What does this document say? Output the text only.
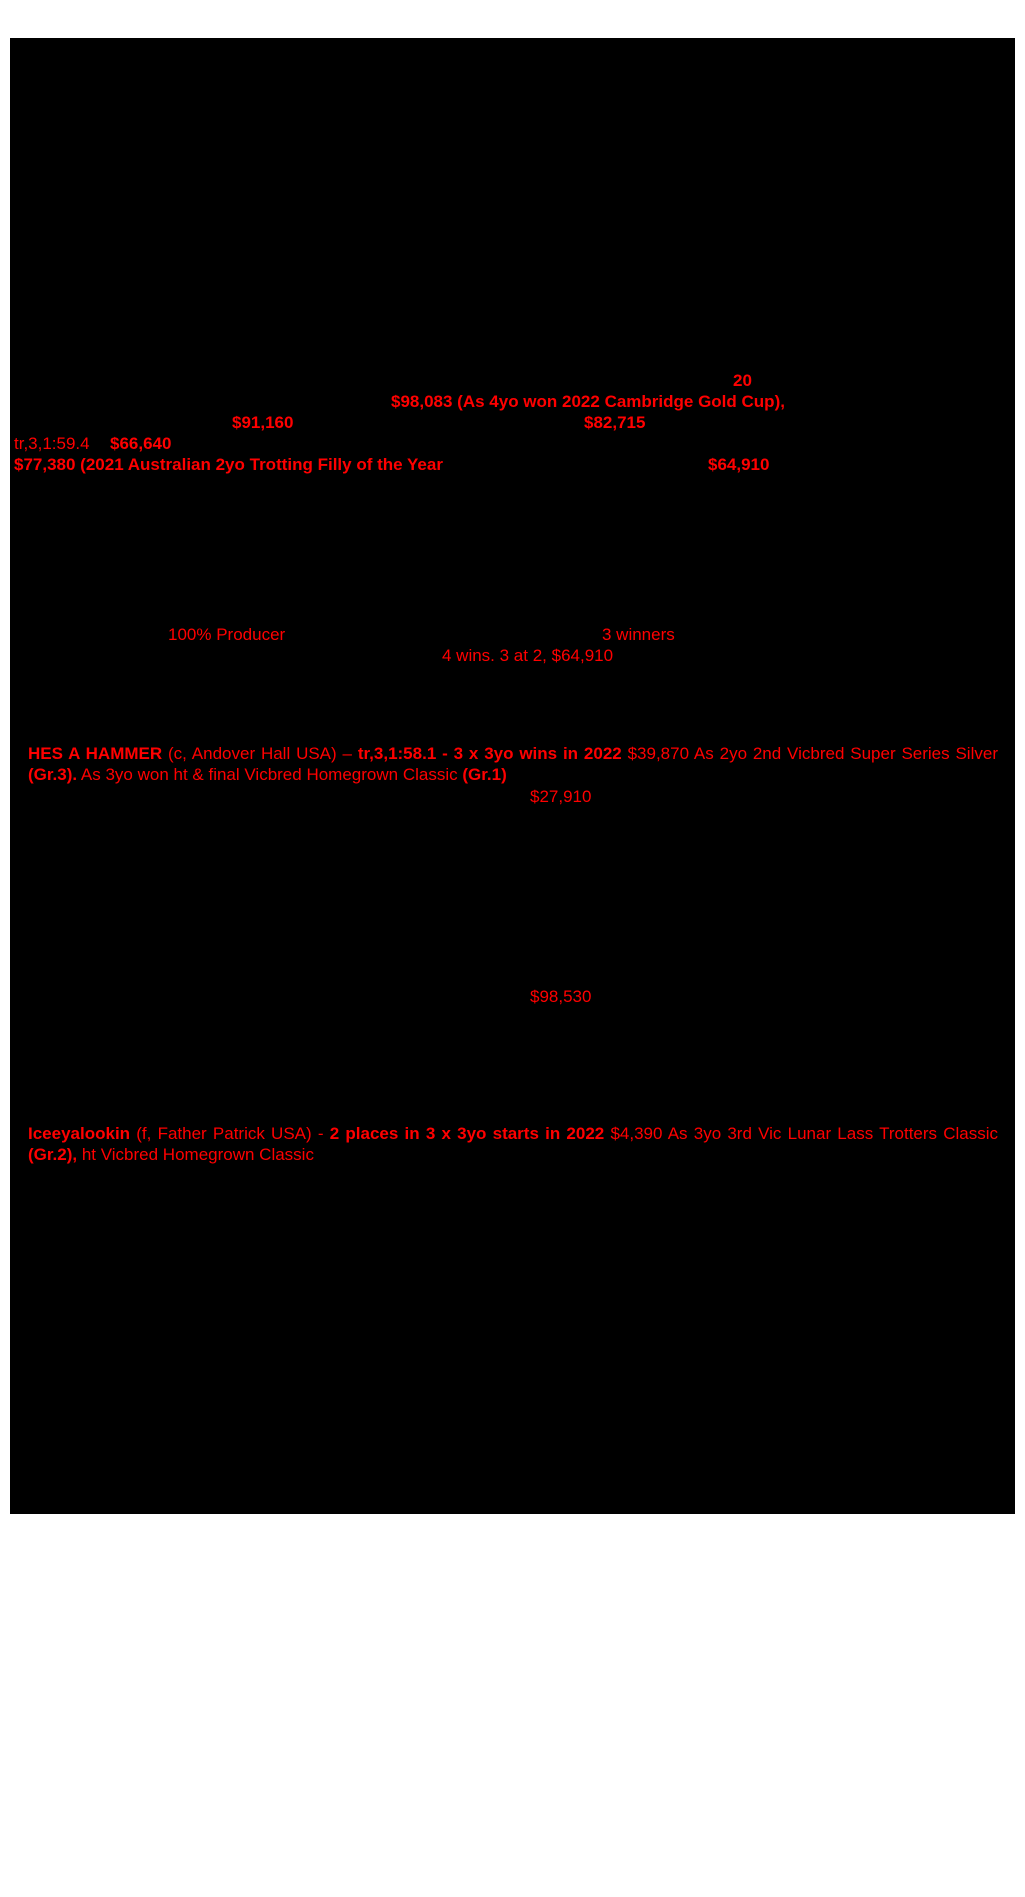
20
$98,083 (As 4yo won 2022 Cambridge Gold Cup),
$91,160	$82,715
tr,3,1:59.4 $66,640
$77,380 (2021 Australian 2yo Trotting Filly of the Year	$64,910
100% Producer	3 winners
4 wins. 3 at 2, $64,910
HES A HAMMER (c, Andover Hall USA) – tr,3,1:58.1 - 3 x 3yo wins in 2022 $39,870 As 2yo 2nd Vicbred Super Series Silver (Gr.3). As 3yo won ht & final Vicbred Homegrown Classic (Gr.1)
$27,910
$98,530
Iceeyalookin (f, Father Patrick USA) - 2 places in 3 x 3yo starts in 2022 $4,390 As 3yo 3rd Vic Lunar Lass Trotters Classic (Gr.2), ht Vicbred Homegrown Classic
